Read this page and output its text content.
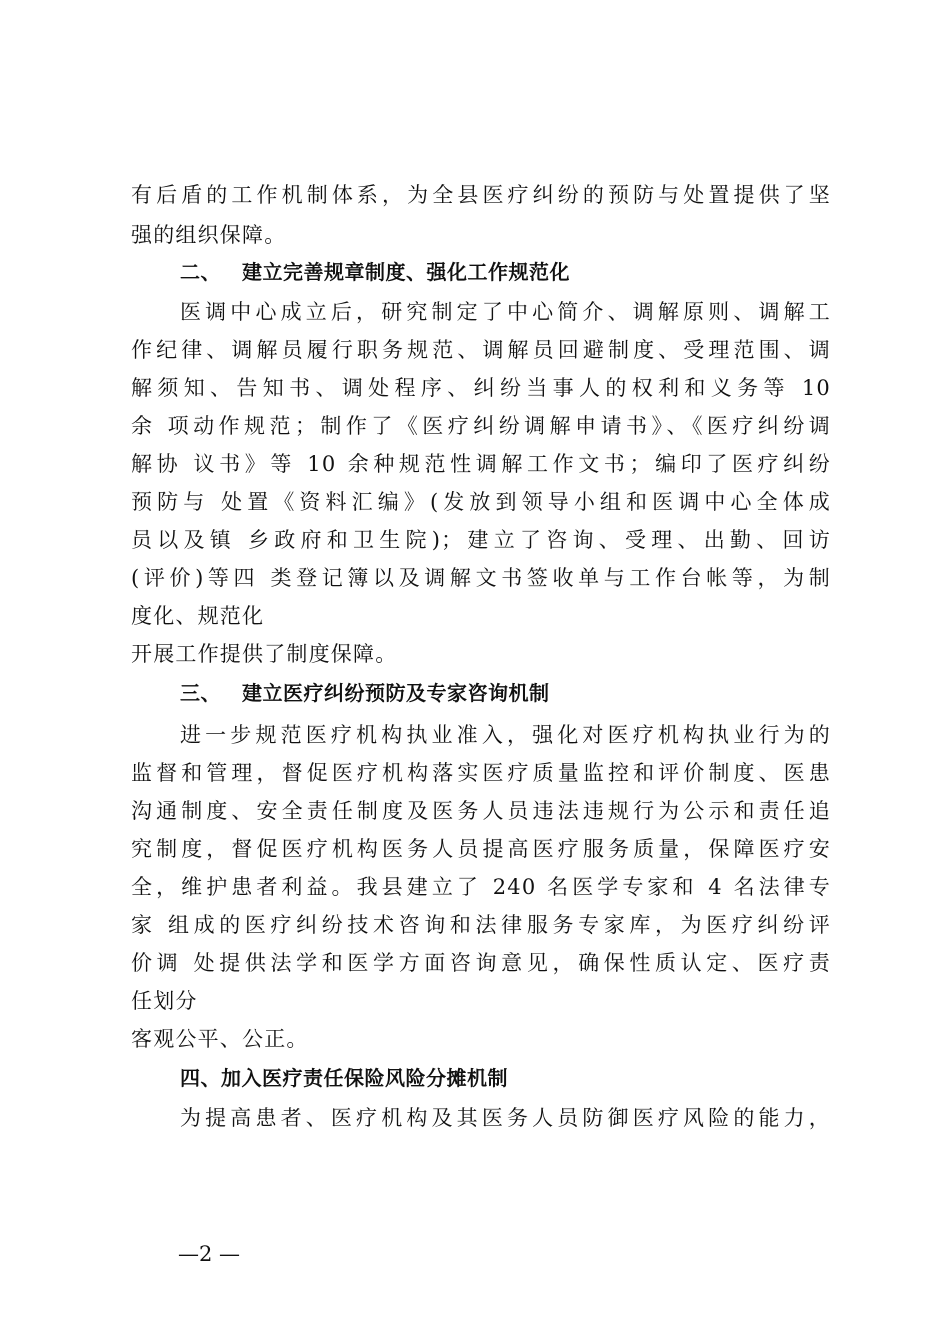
有后盾的工作机制体系，为全县医疗纠纷的预防与处置提供了坚
强的组织保障。
二、 建立完善规章制度、强化工作规范化
医调中心成立后，研究制定了中心简介、调解原则、调解工
作纪律、调解员履行职务规范、调解员回避制度、受理范围、调
解须知、告知书、调处程序、纠纷当事人的权利和义务等 10
余 项动作规范；制作了《医疗纠纷调解申请书》、《医疗纠纷调
解协 议书》等 10 余种规范性调解工作文书；编印了医疗纠纷
预防与 处置《资料汇编》(发放到领导小组和医调中心全体成
员以及镇 乡政府和卫生院)；建立了咨询、受理、出勤、回访
(评价)等四 类登记簿以及调解文书签收单与工作台帐等，为制
度化、规范化
开展工作提供了制度保障。
三、 建立医疗纠纷预防及专家咨询机制
进一步规范医疗机构执业准入，强化对医疗机构执业行为的
监督和管理，督促医疗机构落实医疗质量监控和评价制度、医患
沟通制度、安全责任制度及医务人员违法违规行为公示和责任追
究制度，督促医疗机构医务人员提高医疗服务质量，保障医疗安
全，维护患者利益。我县建立了 240 名医学专家和 4 名法律专
家 组成的医疗纠纷技术咨询和法律服务专家库，为医疗纠纷评
价调 处提供法学和医学方面咨询意见，确保性质认定、医疗责
任划分
客观公平、公正。
四、加入医疗责任保险风险分摊机制
为提高患者、医疗机构及其医务人员防御医疗风险的能力，
—2 —
